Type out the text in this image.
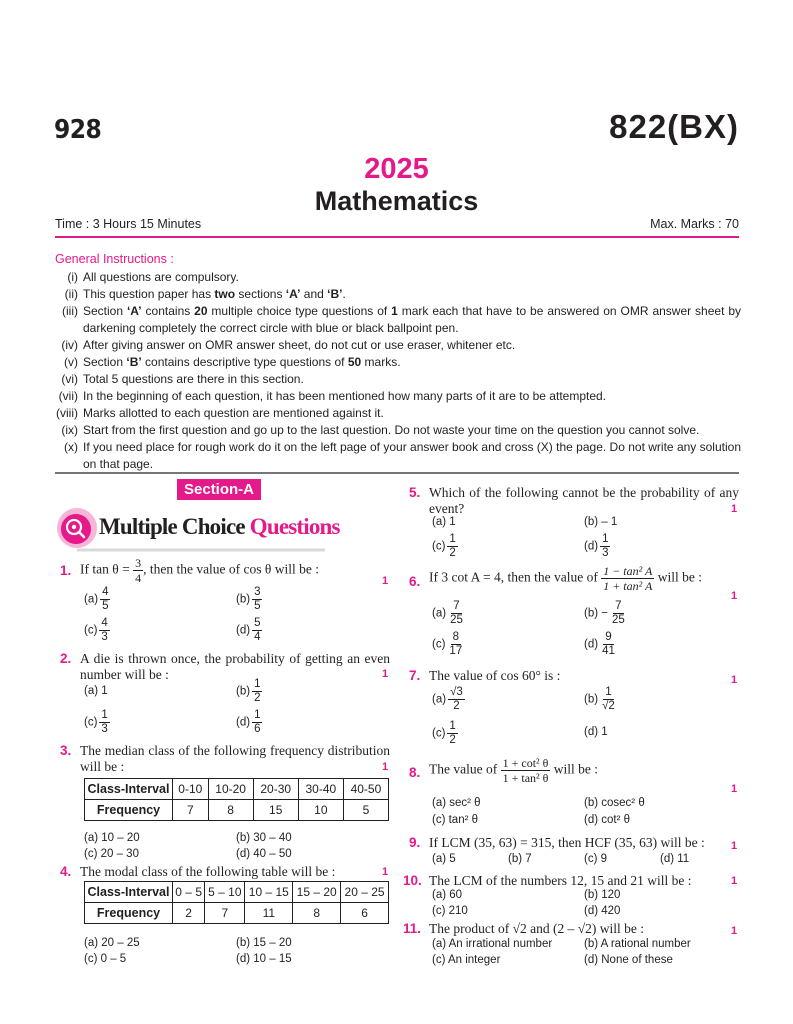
928	822(BX)
2025
Mathematics
Time : 3 Hours 15 Minutes	Max. Marks : 70
General Instructions :
(i) All questions are compulsory.
(ii) This question paper has two sections ‘A’ and ‘B’.
(iii) Section ‘A’ contains 20 multiple choice type questions of 1 mark each that have to be answered on OMR answer sheet by darkening completely the correct circle with blue or black ballpoint pen.
(iv) After giving answer on OMR answer sheet, do not cut or use eraser, whitener etc.
(v) Section ‘B’ contains descriptive type questions of 50 marks.
(vi) Total 5 questions are there in this section.
(vii) In the beginning of each question, it has been mentioned how many parts of it are to be attempted.
(viii) Marks allotted to each question are mentioned against it.
(ix) Start from the first question and go up to the last question. Do not waste your time on the question you cannot solve.
(x) If you need place for rough work do it on the left page of your answer book and cross (X) the page. Do not write any solution on that page.
Section-A
Multiple Choice Questions
1. If $\tan \theta = \frac{3}{4}$ , then the value of cos θ will be :
1
$(a) \frac{4}{5}$	$(b) \frac{3}{5}$
$(c) \frac{4}{3}$	$(d) \frac{5}{4}$
2. A die is thrown once, the probability of getting an even number will be :	1
(a) 1	$(b) \frac{1}{2}$
$(c) \frac{1}{3}$	$(d) \frac{1}{6}$
3. The median class of the following frequency distribution will be :	1
Class-Interval	0-10	10-20	20-30	30-40	40-50
Frequency	7	8	15	10	5
(a) 10 – 20	(b) 30 – 40
(c) 20 – 30	(d) 40 – 50
4. The modal class of the following table will be :	1
Class-Interval	0 – 5	5 – 10	10 – 15	15 – 20	20 – 25
Frequency	2	7	11	8	6
(a) 20 – 25	(b) 15 – 20
(c) 0 – 5	(d) 10 – 15
5. Which of the following cannot be the probability of any event?	1
(a) 1	(b) – 1
$(c) \frac{1}{2}$	$(d) \frac{1}{3}$
6. If 3 cot A = 4, then the value of $\frac{\text{1 − tan² A}}{\text{1 + tan² A}}$ will be :
1
$(a) \frac{7}{25}$	$(b) - \frac{7}{25}$
$(c) \frac{8}{17}$	$(d) \frac{9}{41}$
7. The value of cos 60° is :	1
$(a) \frac{√3}{2}$	$(b) \frac{1}{√2}$
$(c) \frac{1}{2}$	(d) 1
8. The value of $\frac{\text{1 + cot² θ}}{\text{1 + tan² θ}}$ will be :
1
(a) sec² θ	(b) cosec² θ
(c) tan² θ	(d) cot² θ
9. If LCM (35, 63) = 315, then HCF (35, 63) will be :	1
(a) 5	(b) 7	(c) 9	(d) 11
10. The LCM of the numbers 12, 15 and 21 will be :	1
(a) 60	(b) 120
(c) 210	(d) 420
11. The product of √2 and (2 – √2) will be :	1
(a) An irrational number	(b) A rational number
(c) An integer	(d) None of these
